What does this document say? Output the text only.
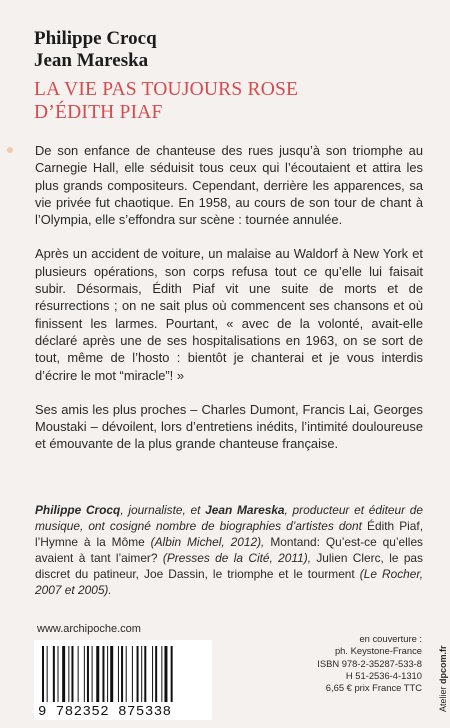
Philippe Crocq
Jean Mareska
LA VIE PAS TOUJOURS ROSE
D’ÉDITH PIAF

De son enfance de chanteuse des rues jusqu’à son triomphe au Carnegie Hall, elle séduisit tous ceux qui l’écoutaient et attira les plus grands compositeurs. Cependant, derrière les apparences, sa vie privée fut chaotique. En 1958, au cours de son tour de chant à l’Olympia, elle s’effondra sur scène : tournée annulée.

Après un accident de voiture, un malaise au Waldorf à New York et plusieurs opérations, son corps refusa tout ce qu’elle lui faisait subir. Désormais, Édith Piaf vit une suite de morts et de résurrections ; on ne sait plus où commencent ses chansons et où finissent les larmes. Pourtant, « avec de la volonté, avait-elle déclaré après une de ses hospitalisations en 1963, on se sort de tout, même de l’hosto : bientôt je chanterai et je vous interdis d’écrire le mot “miracle”! »

Ses amis les plus proches – Charles Dumont, Francis Lai, Georges Moustaki – dévoilent, lors d’entretiens inédits, l’intimité douloureuse et émouvante de la plus grande chanteuse française.

Philippe Crocq, journaliste, et Jean Mareska, producteur et éditeur de musique, ont cosigné nombre de biographies d’artistes dont Édith Piaf, l’Hymne à la Môme (Albin Michel, 2012), Montand: Qu’est-ce qu’elles avaient à tant l’aimer? (Presses de la Cité, 2011), Julien Clerc, le pas discret du patineur, Joe Dassin, le triomphe et le tourment (Le Rocher, 2007 et 2005).

www.archipoche.com
9 782352 875338
en couverture :
ph. Keystone-France
ISBN 978-2-35287-533-8
H 51-2536-4-1310
6,65 € prix France TTC Atelier dpcom.fr
